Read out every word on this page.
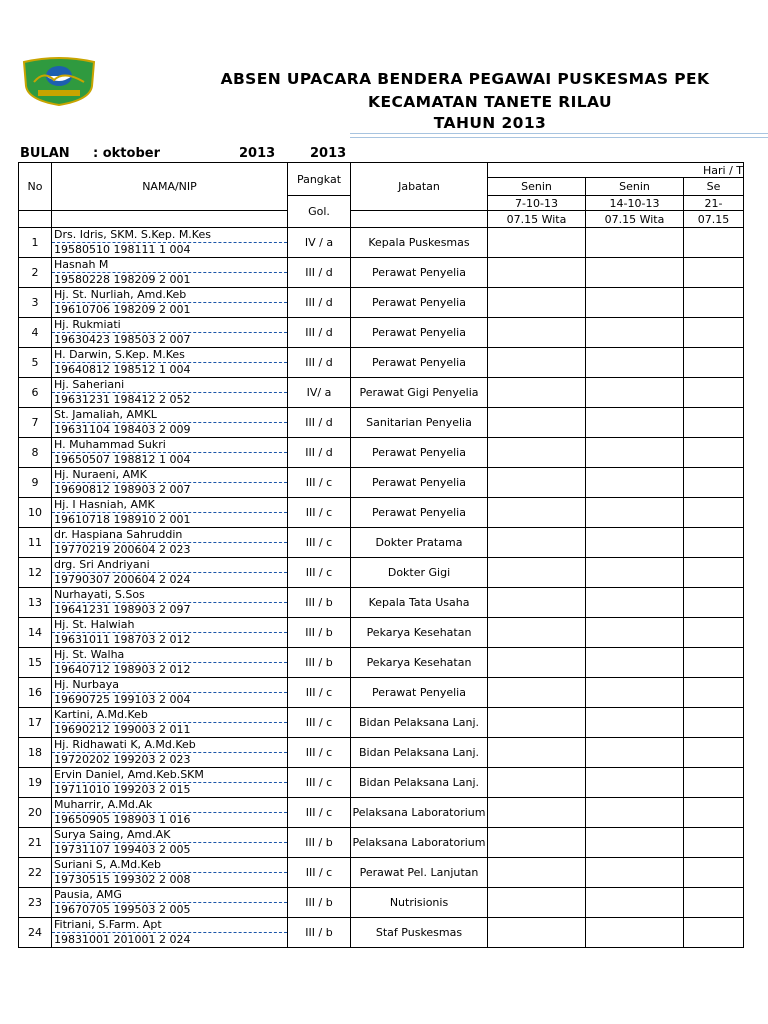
ABSEN UPACARA BENDERA PEGAWAI PUSKESMAS PEK
KECAMATAN TANETE RILAU
TAHUN 2013
BULAN : oktober	2013	2013
No	NAMA/NIP	Pangkat	Jabatan	Hari / T		
				Senin	Senin	Se
		Gol.		7-10-13	14-10-13	21-
				07.15 Wita	07.15 Wita	07.15
1	Drs. Idris, SKM. S.Kep. M.Kes
19580510 198111 1 004	IV / a	Kepala Puskesmas			
2	Hasnah M
19580228 198209 2 001	III / d	Perawat Penyelia			
3	Hj. St. Nurliah, Amd.Keb
19610706 198209 2 001	III / d	Perawat Penyelia			
4	Hj. Rukmiati
19630423 198503 2 007	III / d	Perawat Penyelia			
5	H. Darwin, S.Kep. M.Kes
19640812 198512 1 004	III / d	Perawat Penyelia			
6	Hj. Saheriani
19631231 198412 2 052	IV/ a	Perawat Gigi Penyelia			
7	St. Jamaliah, AMKL
19631104 198403 2 009	III / d	Sanitarian Penyelia			
8	H. Muhammad Sukri
19650507 198812 1 004	III / d	Perawat Penyelia			
9	Hj. Nuraeni, AMK
19690812 198903 2 007	III / c	Perawat Penyelia			
10	Hj. I Hasniah, AMK
19610718 198910 2 001	III / c	Perawat Penyelia			
11	dr. Haspiana Sahruddin
19770219 200604 2 023	III / c	Dokter Pratama			
12	drg. Sri Andriyani
19790307 200604 2 024	III / c	Dokter Gigi			
13	Nurhayati, S.Sos
19641231 198903 2 097	III / b	Kepala Tata Usaha			
14	Hj. St. Halwiah
19631011 198703 2 012	III / b	Pekarya Kesehatan			
15	Hj. St. Walha
19640712 198903 2 012	III / b	Pekarya Kesehatan			
16	Hj. Nurbaya
19690725 199103 2 004	III / c	Perawat Penyelia			
17	Kartini, A.Md.Keb
19690212 199003 2 011	III / c	Bidan Pelaksana Lanj.			
18	Hj. Ridhawati K, A.Md.Keb
19720202 199203 2 023	III / c	Bidan Pelaksana Lanj.			
19	Ervin Daniel, Amd.Keb.SKM
19711010 199203 2 015	III / c	Bidan Pelaksana Lanj.			
20	Muharrir, A.Md.Ak
19650905 198903 1 016	III / c	Pelaksana Laboratorium			
21	Surya Saing, Amd.AK
19731107 199403 2 005	III / b	Pelaksana Laboratorium			
22	Suriani S, A.Md.Keb
19730515 199302 2 008	III / c	Perawat Pel. Lanjutan			
23	Pausia, AMG
19670705 199503 2 005	III / b	Nutrisionis			
24	Fitriani, S.Farm. Apt
19831001 201001 2 024	III / b	Staf Puskesmas			
